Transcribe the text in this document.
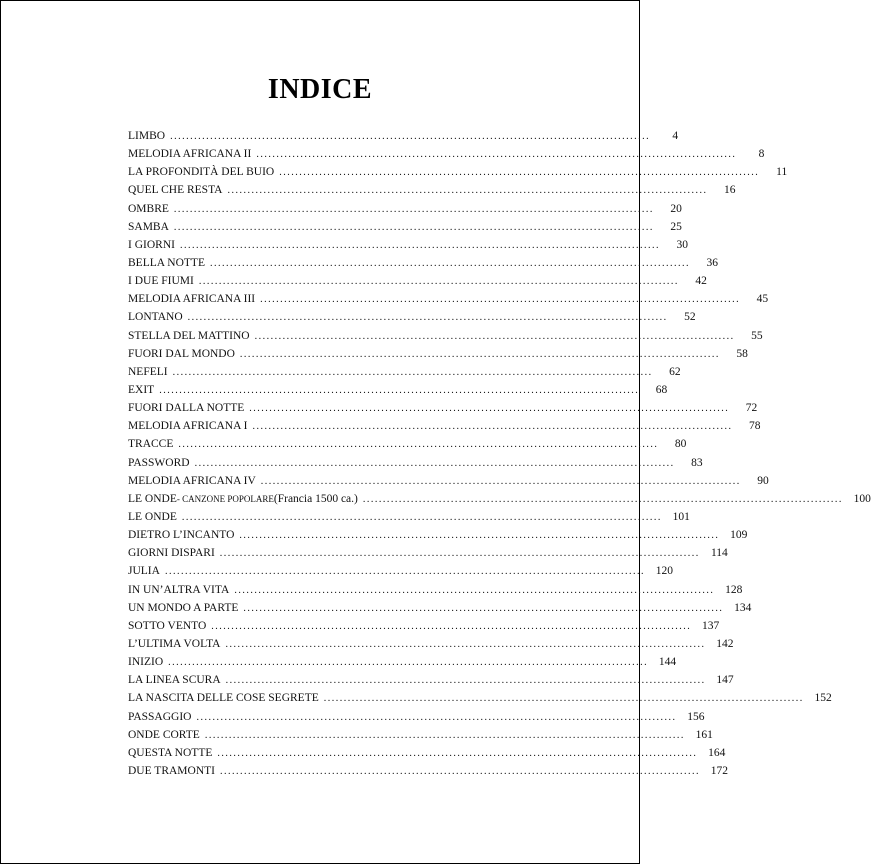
INDICE
LIMBO ........................................................................................................................	4
MELODIA AFRICANA II ........................................................................................................................	8
LA PROFONDITÀ DEL BUIO ........................................................................................................................	11
QUEL CHE RESTA ........................................................................................................................	16
OMBRE ........................................................................................................................	20
SAMBA ........................................................................................................................	25
I GIORNI ........................................................................................................................	30
BELLA NOTTE ........................................................................................................................	36
I DUE FIUMI ........................................................................................................................	42
MELODIA AFRICANA III ........................................................................................................................	45
LONTANO ........................................................................................................................	52
STELLA DEL MATTINO ........................................................................................................................	55
FUORI DAL MONDO ........................................................................................................................	58
NEFELI ........................................................................................................................	62
EXIT ........................................................................................................................	68
FUORI DALLA NOTTE ........................................................................................................................	72
MELODIA AFRICANA I ........................................................................................................................	78
TRACCE ........................................................................................................................	80
PASSWORD ........................................................................................................................	83
MELODIA AFRICANA IV ........................................................................................................................	90
LE ONDE - CANZONE POPOLARE (Francia 1500 ca.) ........................................................................................................................ 100
LE ONDE ........................................................................................................................ 101
DIETRO L’INCANTO ........................................................................................................................ 109
GIORNI DISPARI ........................................................................................................................ 114
JULIA ........................................................................................................................ 120
IN UN’ALTRA VITA ........................................................................................................................ 128
UN MONDO A PARTE ........................................................................................................................ 134
SOTTO VENTO ........................................................................................................................ 137
L’ULTIMA VOLTA ........................................................................................................................ 142
INIZIO ........................................................................................................................ 144
LA LINEA SCURA ........................................................................................................................ 147
LA NASCITA DELLE COSE SEGRETE ........................................................................................................................ 152
PASSAGGIO ........................................................................................................................ 156
ONDE CORTE ........................................................................................................................ 161
QUESTA NOTTE ........................................................................................................................ 164
DUE TRAMONTI ........................................................................................................................ 172
